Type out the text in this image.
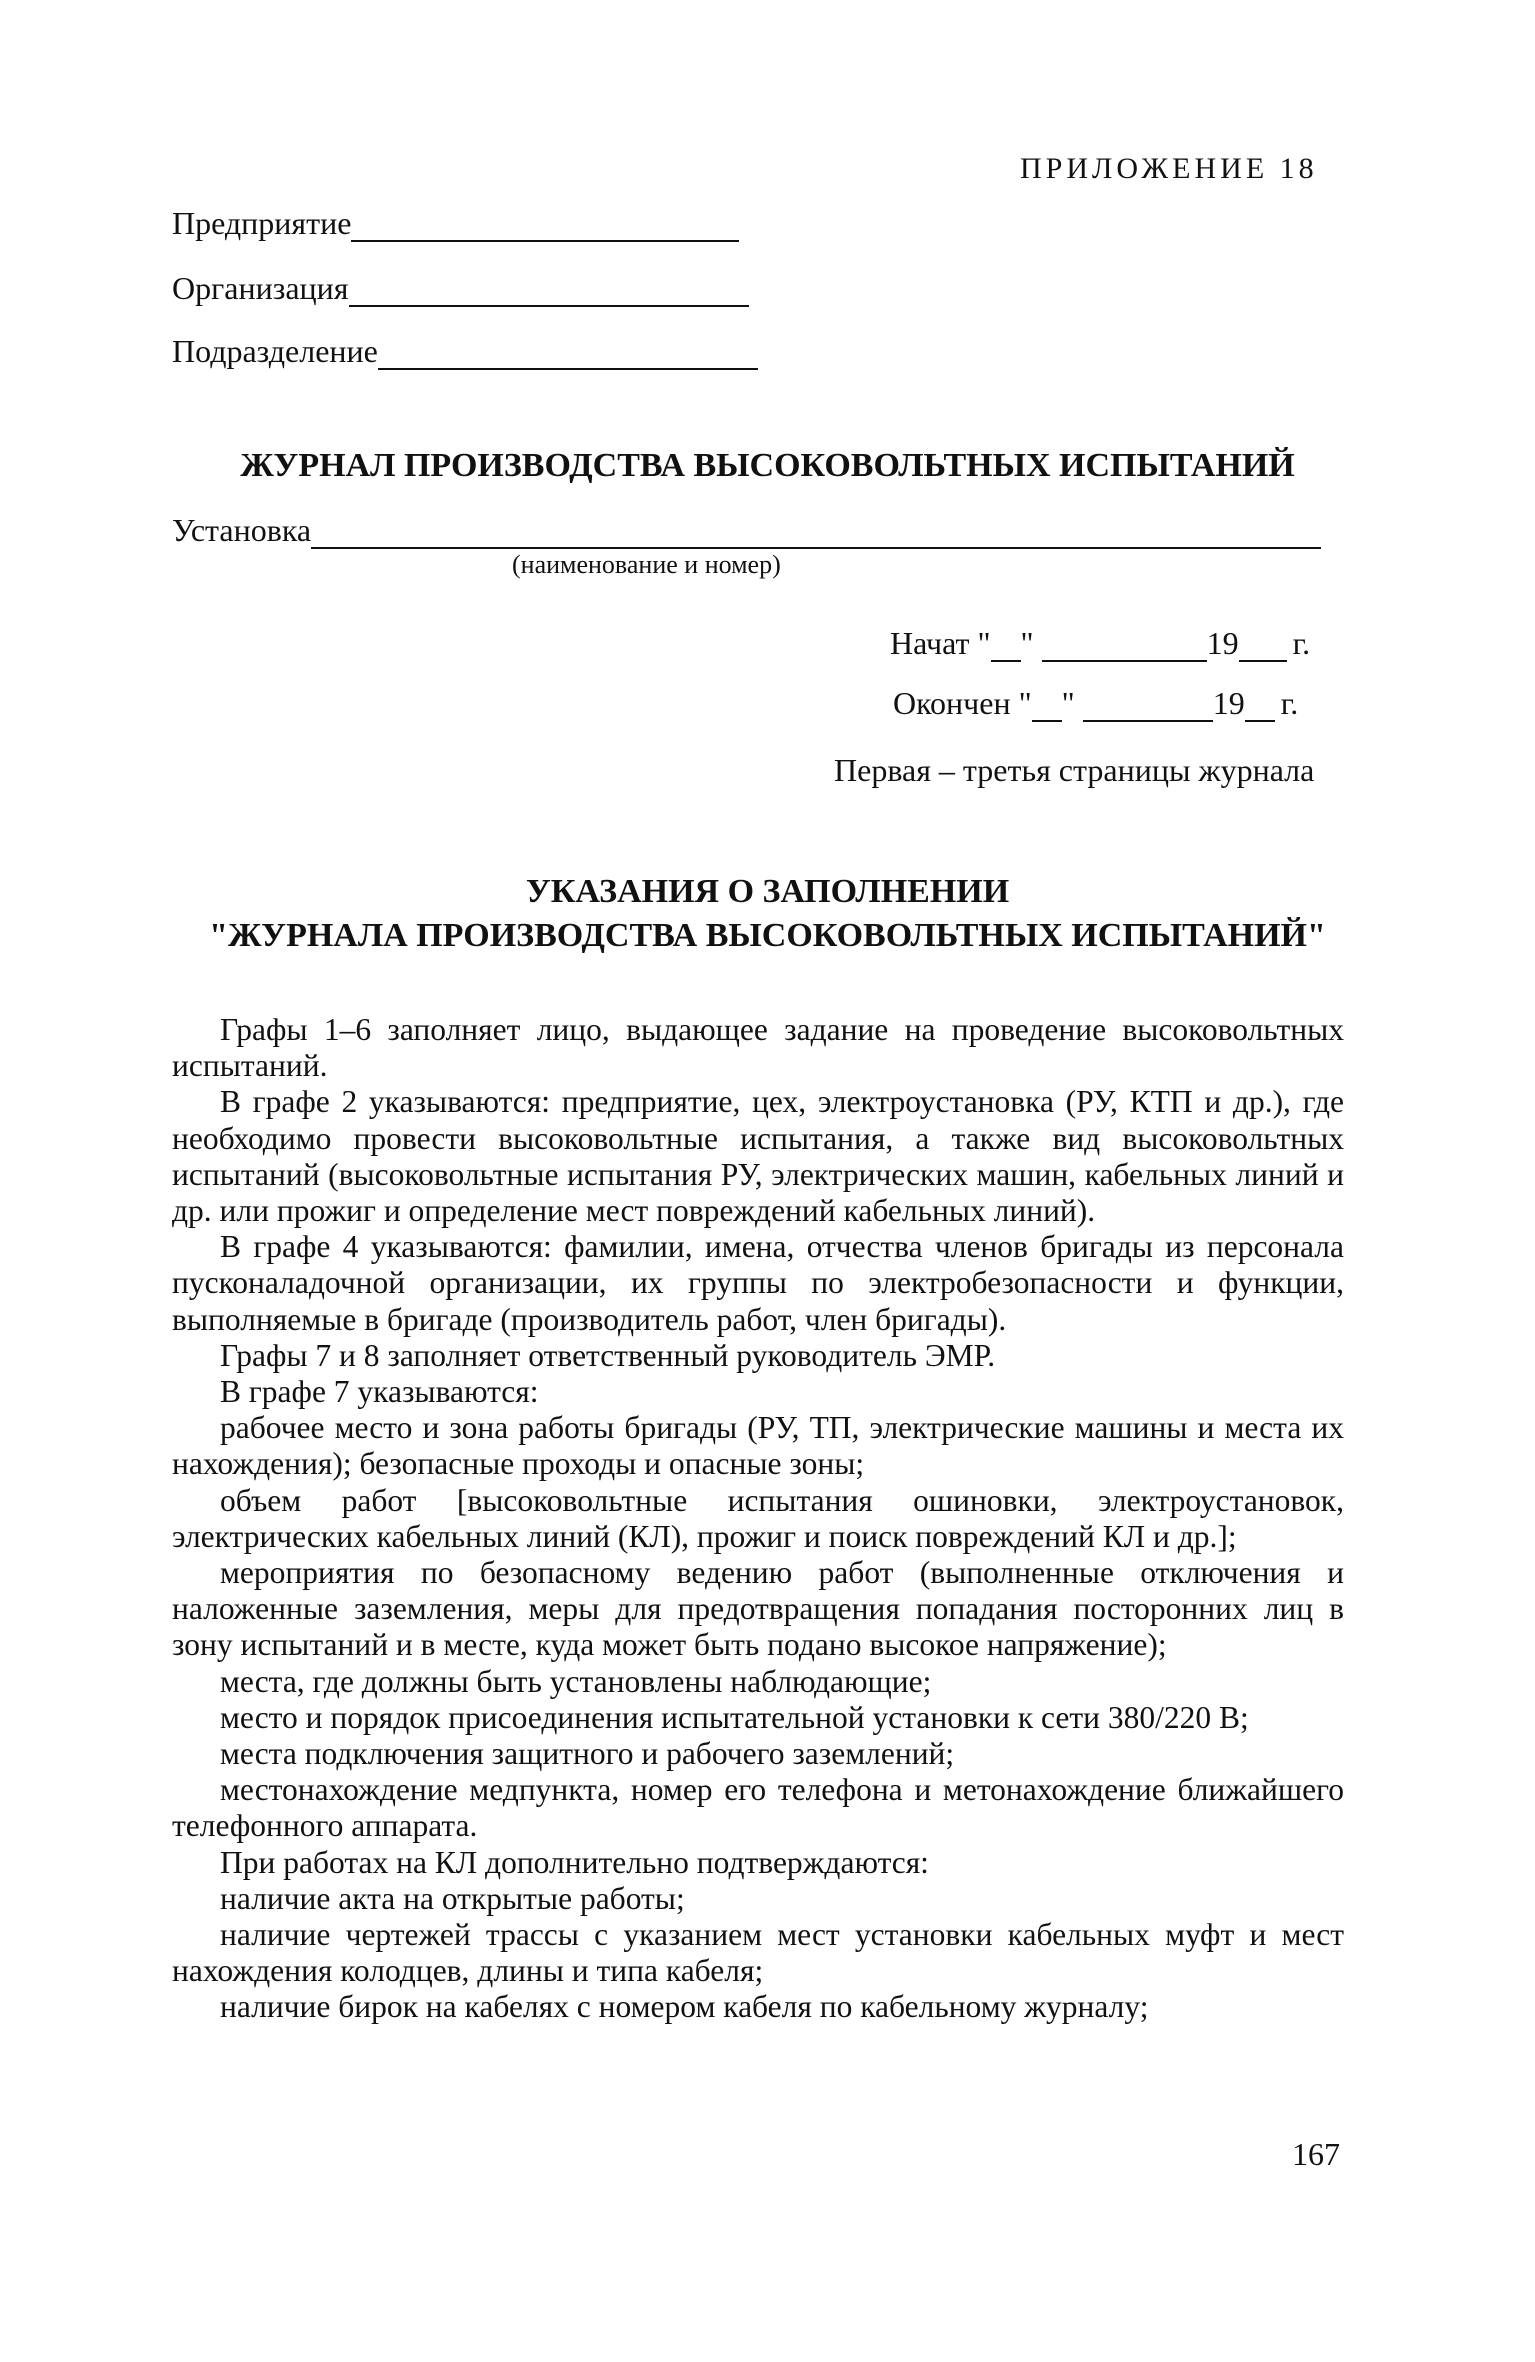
ПРИЛОЖЕНИЕ 18
Предприятие
Организация
Подразделение
ЖУРНАЛ ПРОИЗВОДСТВА ВЫСОКОВОЛЬТНЫХ ИСПЫТАНИЙ
Установка
(наименование и номер)
Начат " "	19 г.
Окончен " "	19 г.
Первая – третья страницы журнала
УКАЗАНИЯ О ЗАПОЛНЕНИИ
"ЖУРНАЛА ПРОИЗВОДСТВА ВЫСОКОВОЛЬТНЫХ ИСПЫТАНИЙ"

Графы 1–6 заполняет лицо, выдающее задание на проведение высоковольтных испытаний.

В графе 2 указываются: предприятие, цех, электроустановка (РУ, КТП и др.), где необходимо провести высоковольтные испытания, а также вид высоковольтных испытаний (высоковольтные испытания РУ, электрических машин, кабельных линий и др. или прожиг и определение мест повреждений кабельных линий).

В графе 4 указываются: фамилии, имена, отчества членов бригады из персонала пусконаладочной организации, их группы по электробезопасности и функции, выполняемые в бригаде (производитель работ, член бригады).

Графы 7 и 8 заполняет ответственный руководитель ЭМР.

В графе 7 указываются:

рабочее место и зона работы бригады (РУ, ТП, электрические машины и места их нахождения); безопасные проходы и опасные зоны;

объем работ [высоковольтные испытания ошиновки, электроустановок, электрических кабельных линий (КЛ), прожиг и поиск повреждений КЛ и др.];

мероприятия по безопасному ведению работ (выполненные отключения и наложенные заземления, меры для предотвращения попадания посторонних лиц в зону испытаний и в месте, куда может быть подано высокое напряжение);

места, где должны быть установлены наблюдающие;

место и порядок присоединения испытательной установки к сети 380/220 В;

места подключения защитного и рабочего заземлений;

местонахождение медпункта, номер его телефона и метонахождение ближайшего телефонного аппарата.

При работах на КЛ дополнительно подтверждаются:

наличие акта на открытые работы;

наличие чертежей трассы с указанием мест установки кабельных муфт и мест нахождения колодцев, длины и типа кабеля;

наличие бирок на кабелях с номером кабеля по кабельному журналу;

167
